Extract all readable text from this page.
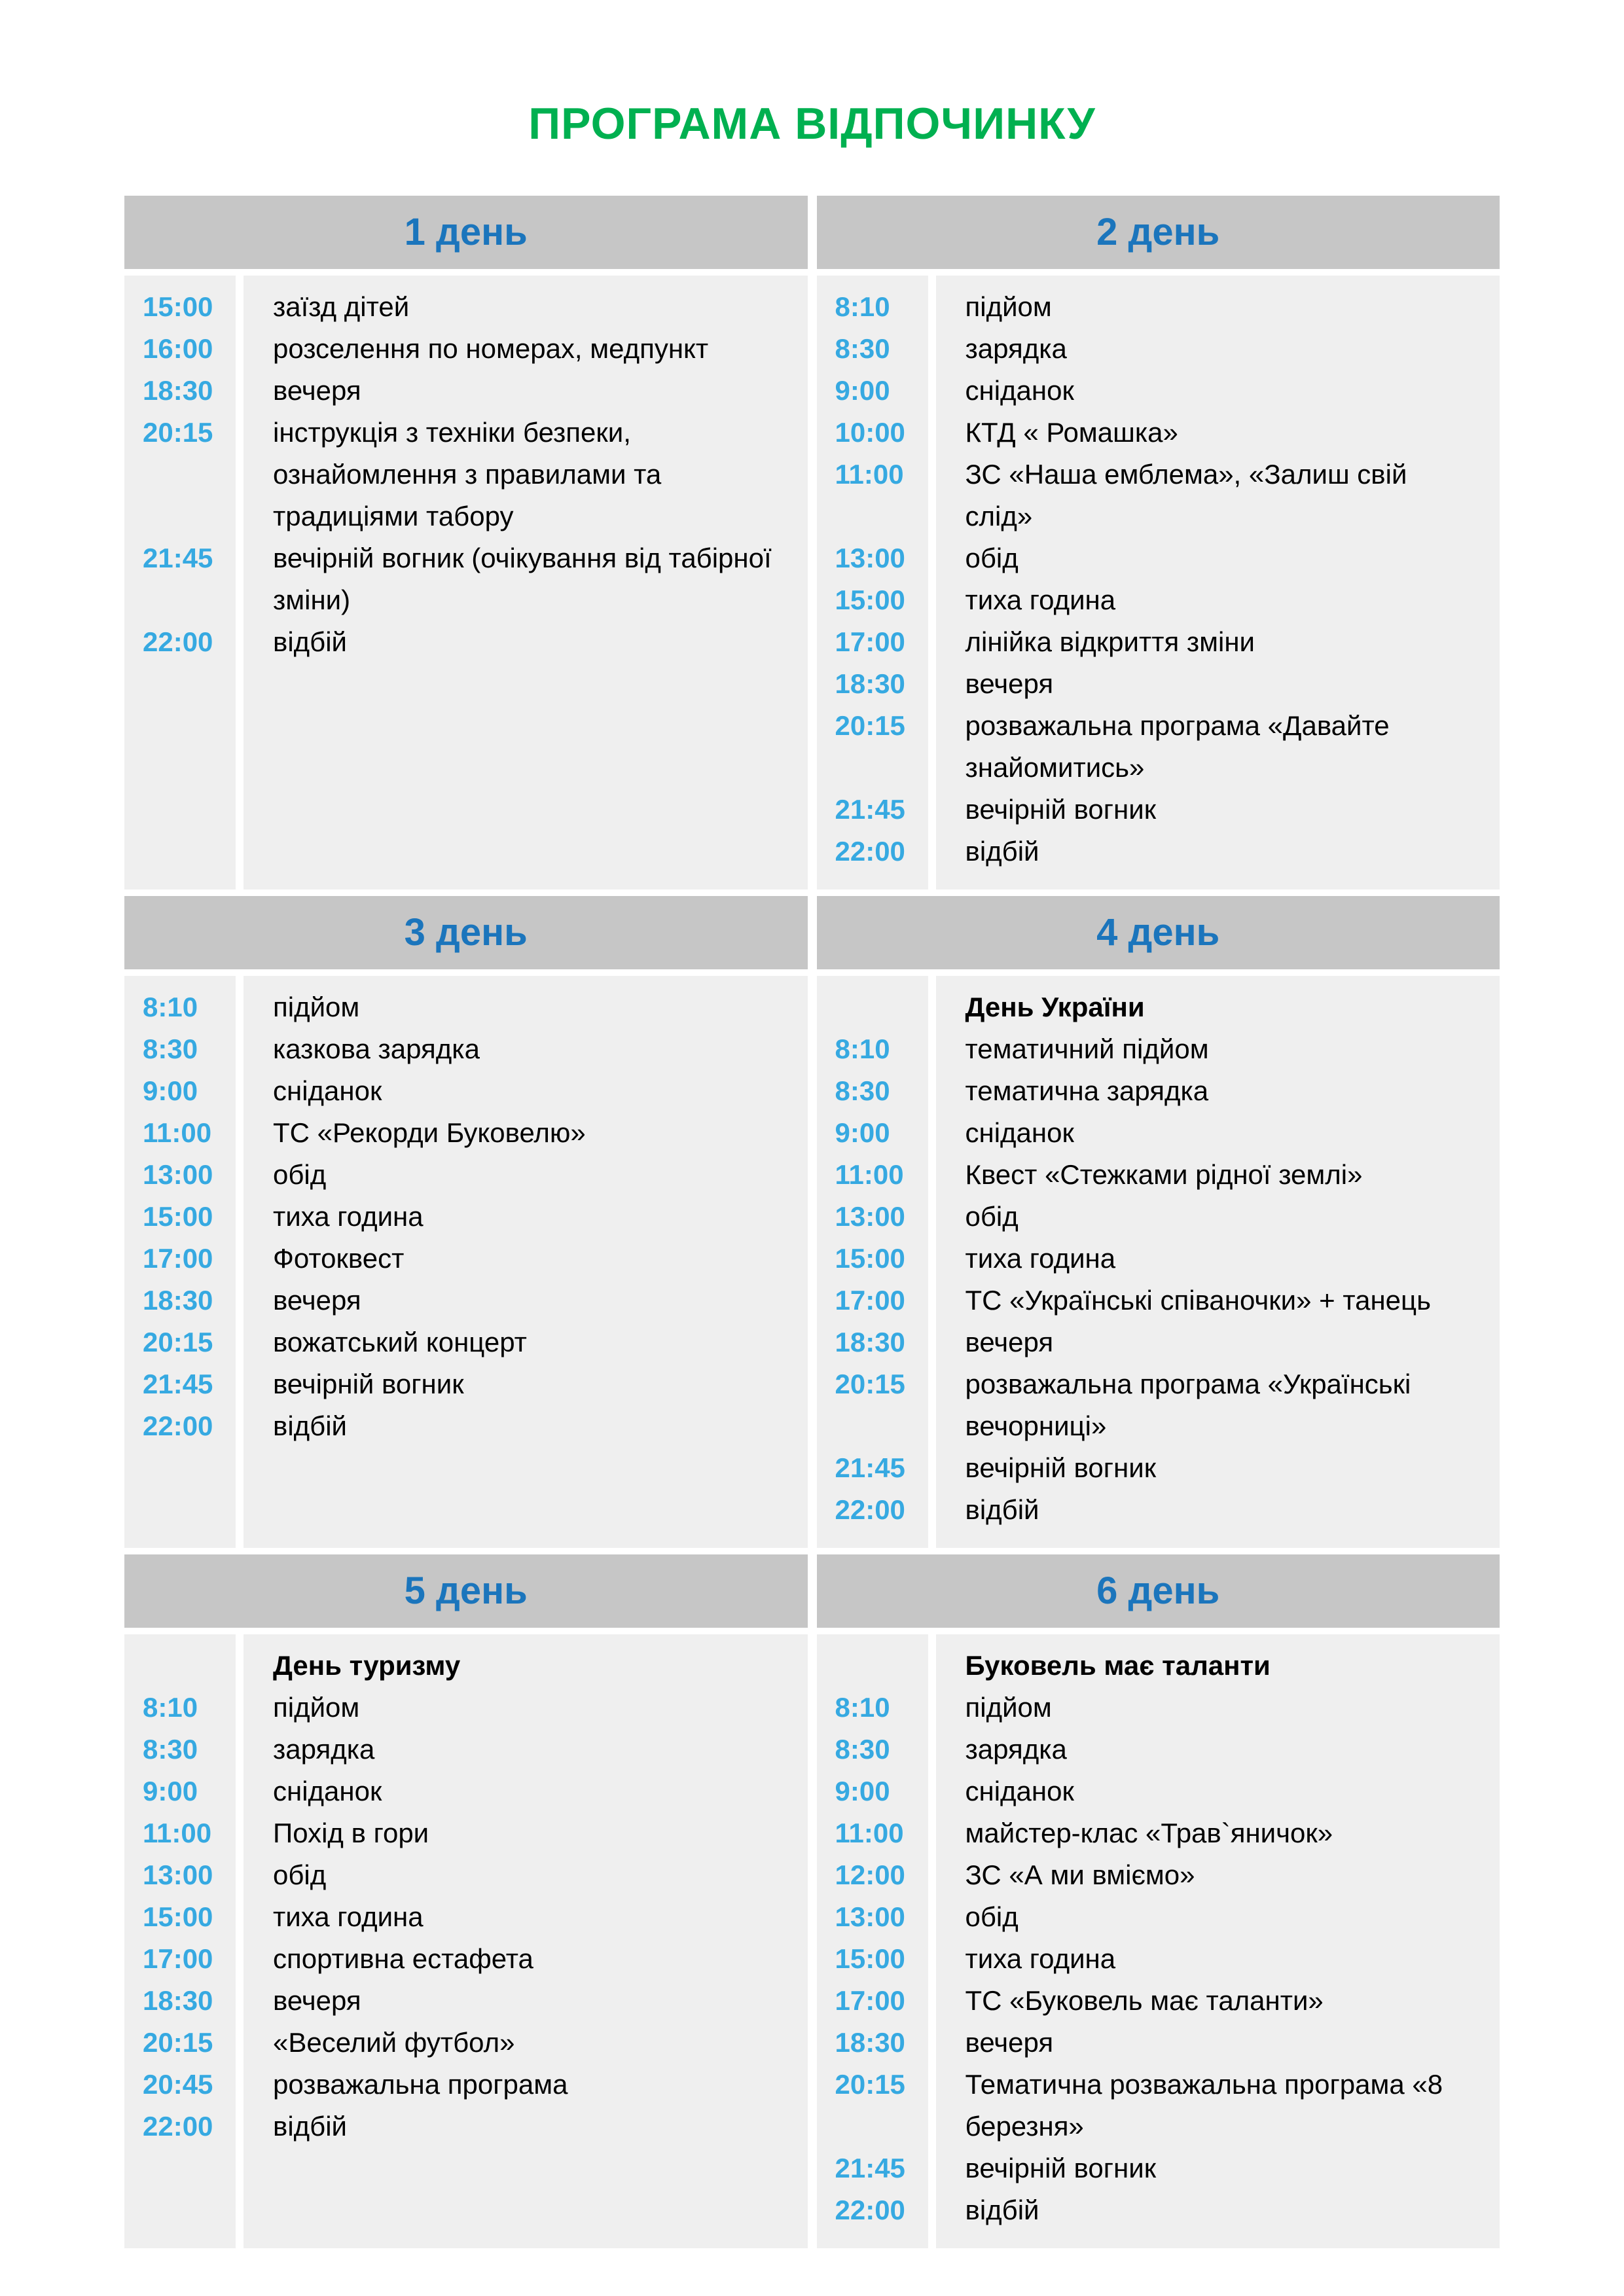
ПРОГРАМА ВІДПОЧИНКУ
1 день	2 день
15:00	заїзд дітей
16:00	розселення по номерах, медпункт
18:30	вечеря
20:15	інструкція з техніки безпеки, ознайомлення з правилами та традиціями табору
21:45	вечірній вогник (очікування від табірної зміни)
22:00	відбій
8:10	підйом
8:30	зарядка
9:00	сніданок
10:00	КТД « Ромашка»
11:00	ЗС «Наша емблема», «Залиш свій слід»
13:00	обід
15:00	тиха година
17:00	лінійка відкриття зміни
18:30	вечеря
20:15	розважальна програма «Давайте знайомитись»
21:45	вечірній вогник
22:00	відбій
3 день	4 день
8:10	підйом
8:30	казкова зарядка
9:00	сніданок
11:00	ТС «Рекорди Буковелю»
13:00	обід
15:00	тиха година
17:00	Фотоквест
18:30	вечеря
20:15	вожатський концерт
21:45	вечірній вогник
22:00	відбій
День України
8:10	тематичний підйом
8:30	тематична зарядка
9:00	сніданок
11:00	Квест «Стежками рідної землі»
13:00	обід
15:00	тиха година
17:00	ТС «Українські співаночки» + танець
18:30	вечеря
20:15	розважальна програма «Українські вечорниці»
21:45	вечірній вогник
22:00	відбій
5 день	6 день
День туризму
8:10	підйом
8:30	зарядка
9:00	сніданок
11:00	Похід в гори
13:00	обід
15:00	тиха година
17:00	спортивна естафета
18:30	вечеря
20:15	«Веселий футбол»
20:45	розважальна програма
22:00	відбій
Буковель має таланти
8:10	підйом
8:30	зарядка
9:00	сніданок
11:00	майстер-клас «Трав`яничок»
12:00	ЗС «А ми вміємо»
13:00	обід
15:00	тиха година
17:00	ТС «Буковель має таланти»
18:30	вечеря
20:15	Тематична розважальна програма «8 березня»
21:45	вечірній вогник
22:00	відбій
